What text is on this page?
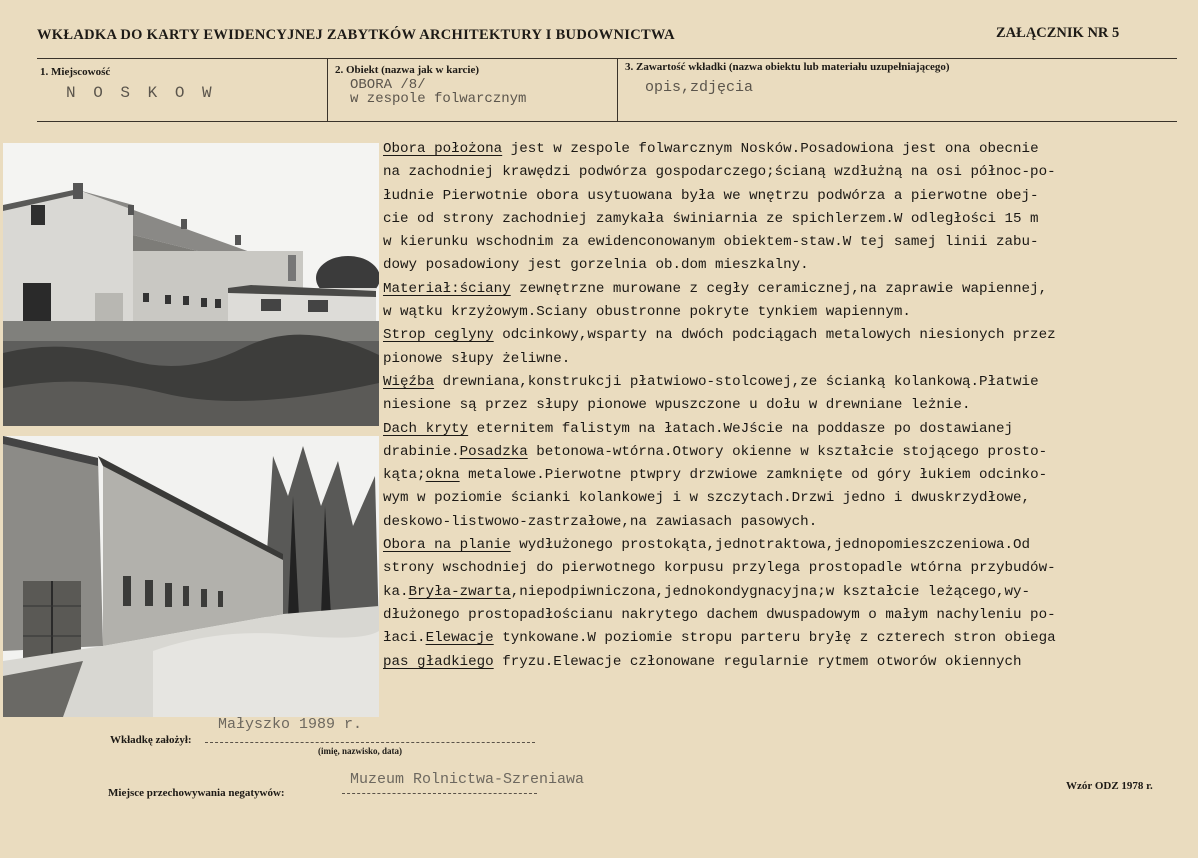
WKŁADKA DO KARTY EWIDENCYJNEJ ZABYTKÓW ARCHITEKTURY I BUDOWNICTWA	ZAŁĄCZNIK NR 5
1. Miejscowość
N O S K O W
2. Obiekt (nazwa jak w karcie)
OBORA /8/
w zespole folwarcznym
3. Zawartość wkładki (nazwa obiektu lub materiału uzupełniającego)
opis,zdjęcia
Obora położona jest w zespole folwarcznym Nosków.Posadowiona jest ona obecnie
na zachodniej krawędzi podwórza gospodarczego;ścianą wzdłużną na osi północ-po-
łudnie Pierwotnie obora usytuowana była we wnętrzu podwórza a pierwotne obej-
cie od strony zachodniej zamykała świniarnia ze spichlerzem.W odległości 15 m
w kierunku wschodnim za ewidenconowanym obiektem-staw.W tej samej linii zabu-
dowy posadowiony jest gorzelnia ob.dom mieszkalny.
Materiał:ściany zewnętrzne murowane z cegły ceramicznej,na zaprawie wapiennej,
w wątku krzyżowym.Sciany obustronne pokryte tynkiem wapiennym.
Strop ceglyny odcinkowy,wsparty na dwóch podciągach metalowych niesionych przez
pionowe słupy żeliwne.
Więźba drewniana,konstrukcji płatwiowo-stolcowej,ze ścianką kolankową.Płatwie
niesione są przez słupy pionowe wpuszczone u dołu w drewniane leżnie.
Dach kryty eternitem falistym na łatach.WeJście na poddasze po dostawianej
drabinie.Posadzka betonowa-wtórna.Otwory okienne w kształcie stojącego prosto-
kąta;okna metalowe.Pierwotne ptwpry drzwiowe zamknięte od góry łukiem odcinko-
wym w poziomie ścianki kolankowej i w szczytach.Drzwi jedno i dwuskrzydłowe,
deskowo-listwowo-zastrzałowe,na zawiasach pasowych.
Obora na planie wydłużonego prostokąta,jednotraktowa,jednopomieszczeniowa.Od
strony wschodniej do pierwotnego korpusu przylega prostopadle wtórna przybudów-
ka.Bryła-zwarta,niepodpiwniczona,jednokondygnacyjna;w kształcie leżącego,wy-
dłużonego prostopadłościanu nakrytego dachem dwuspadowym o małym nachyleniu po-
łaci.Elewacje tynkowane.W poziomie stropu parteru bryłę z czterech stron obiega
pas gładkiego fryzu.Elewacje członowane regularnie rytmem otworów okiennych
Wkładkę założył:
Małyszko 1989 r.
(imię, nazwisko, data)
Miejsce przechowywania negatywów:
Muzeum Rolnictwa-Szreniawa	Wzór ODZ 1978 r.
